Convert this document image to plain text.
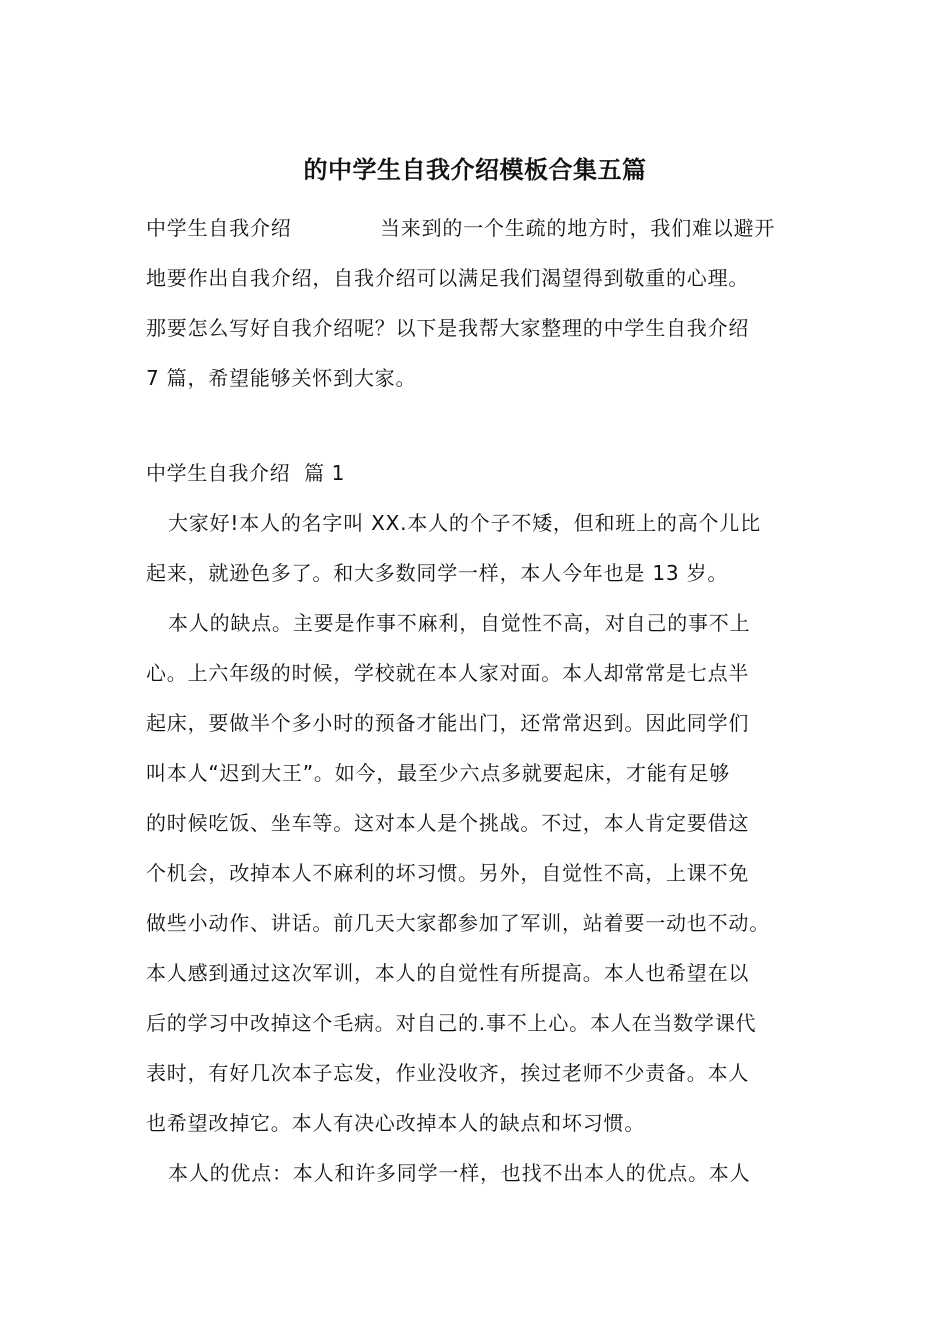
的中学生自我介绍模板合集五篇
中学生自我介绍	当来到的一个生疏的地方时，我们难以避开
地要作出自我介绍，自我介绍可以满足我们渴望得到敬重的心理。
那要怎么写好自我介绍呢？以下是我帮大家整理的中学生自我介绍
7 篇，希望能够关怀到大家。
中学生自我介绍  篇 1
大家好!本人的名字叫 XX.本人的个子不矮，但和班上的高个儿比
起来，就逊色多了。和大多数同学一样，本人今年也是 13 岁。
本人的缺点。主要是作事不麻利，自觉性不高，对自己的事不上
心。上六年级的时候，学校就在本人家对面。本人却常常是七点半
起床，要做半个多小时的预备才能出门，还常常迟到。因此同学们
叫本人“迟到大王”。如今，最至少六点多就要起床，才能有足够
的时候吃饭、坐车等。这对本人是个挑战。不过，本人肯定要借这
个机会，改掉本人不麻利的坏习惯。另外，自觉性不高，上课不免
做些小动作、讲话。前几天大家都参加了军训，站着要一动也不动。
本人感到通过这次军训，本人的自觉性有所提高。本人也希望在以
后的学习中改掉这个毛病。对自己的.事不上心。本人在当数学课代
表时，有好几次本子忘发，作业没收齐，挨过老师不少责备。本人
也希望改掉它。本人有决心改掉本人的缺点和坏习惯。
本人的优点：本人和许多同学一样，也找不出本人的优点。本人
